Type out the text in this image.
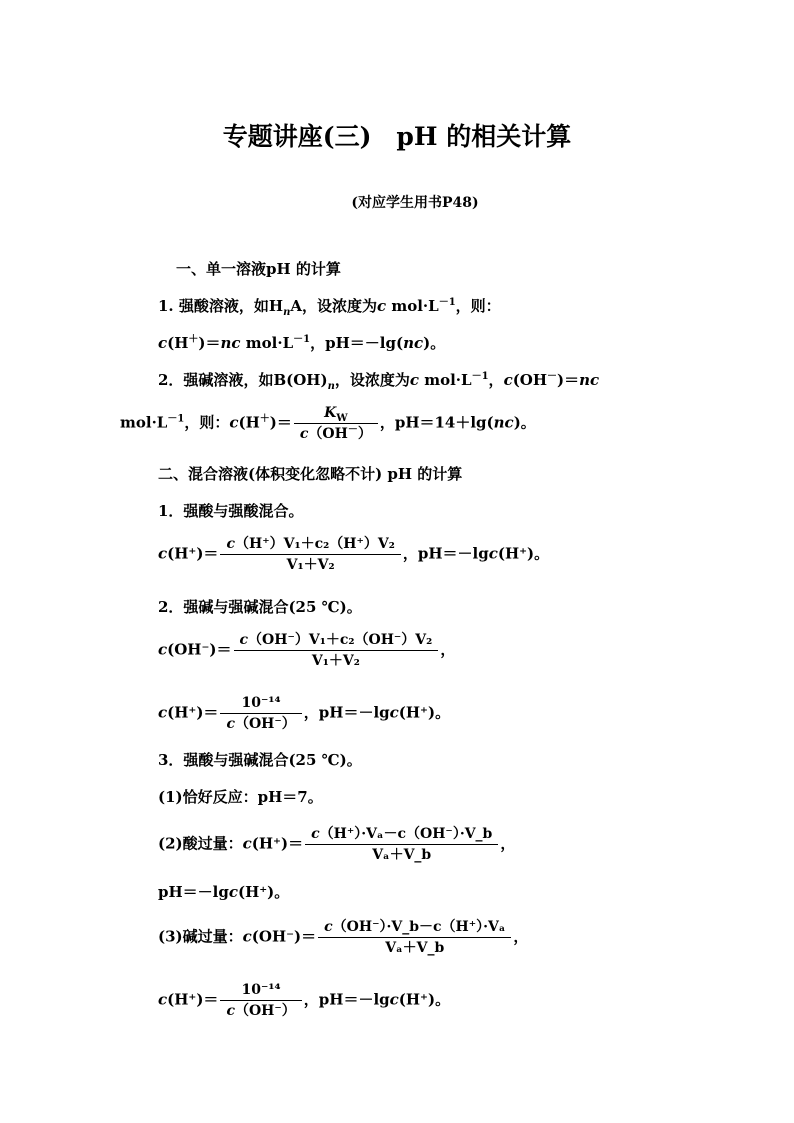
专题讲座(三)　pH 的相关计算
(对应学生用书P48)
一、单一溶液pH 的计算
1. 强酸溶液，如$H_nA$，设浓度为c $mol\cdot L^{-1}$，则：
c(H＋)＝nc $mol\cdot L^{-1}$，pH＝－lg(nc)。
2．强碱溶液，如$B(OH)_n$，设浓度为c $mol\cdot L^{-1}$，c(OH－)＝nc
$mol\cdot L^{-1}$，则：$c(H^+)= \frac{K_W}{c(OH^-)}$ ，pH＝14＋lg(nc)。
二、混合溶液(体积变化忽略不计) pH 的计算
1．强酸与强酸混合。
$c(H^+)= \frac{\text{c（H⁺）V₁＋c₂（H⁺）V₂}}{\text{V₁＋V₂}}$ ，pH＝－lgc(H⁺)。
2．强碱与强碱混合(25 ℃)。
$c(OH^-)= \frac{\text{c（OH⁻）V₁＋c₂（OH⁻）V₂}}{\text{V₁＋V₂}}$ ，
$c(H^+)= \frac{\text{10⁻¹⁴}}{c(OH^-)}$ ，pH＝－lgc(H⁺)。
3．强酸与强碱混合(25 ℃)。
(1)恰好反应：pH＝7。
(2)酸过量：$c(H^+)= \frac{\text{c（H⁺）·Vₐ－c（OH⁻）·V\_b}}{\text{Vₐ＋V\_b}}$ ，
pH＝－lgc(H⁺)。
(3)碱过量：$c(OH^-)= \frac{\text{c（OH⁻）·V\_b－c（H⁺）·Vₐ}}{\text{Vₐ＋V\_b}}$ ，
$c(H^+)= \frac{\text{10⁻¹⁴}}{c(OH^-)}$ ，pH＝－lgc(H⁺)。
